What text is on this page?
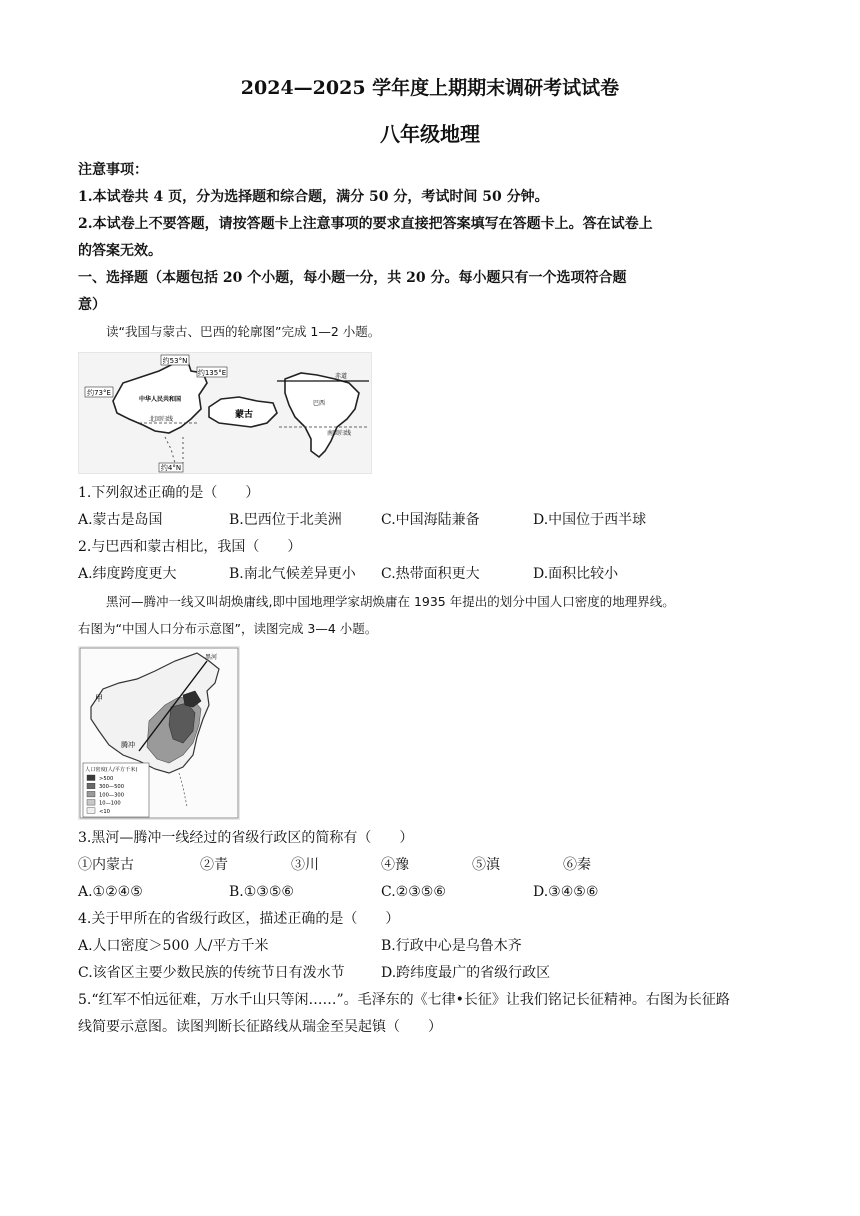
2024—2025 学年度上期期末调研考试试卷
八年级地理
注意事项：
1.本试卷共 4 页，分为选择题和综合题，满分 50 分，考试时间 50 分钟。
2.本试卷上不要答题，请按答题卡上注意事项的要求直接把答案填写在答题卡上。答在试卷上
的答案无效。
一、选择题（本题包括 20 个小题，每小题一分，共 20 分。每小题只有一个选项符合题
意）
读“我国与蒙古、巴西的轮廓图”完成 1—2 小题。
约53°N
约135°E
约73°E
中华人民共和国
北回归线
约4°N
蒙古
赤道
巴西
南回归线
1.下列叙述正确的是（　　）
A.蒙古是岛国	B.巴西位于北美洲	C.中国海陆兼备	D.中国位于西半球
2.与巴西和蒙古相比，我国（　　）
A.纬度跨度更大	B.南北气候差异更小 C.热带面积更大	D.面积比较小
黑河—腾冲一线又叫胡焕庸线,即中国地理学家胡焕庸在 1935 年提出的划分中国人口密度的地理界线。
右图为“中国人口分布示意图”，读图完成 3—4 小题。
黑河
甲
腾冲
人口密度(人/平方千米)
>500
300—500
100—300
10—100
<10
3.黑河—腾冲一线经过的省级行政区的简称有（　　）
①内蒙古	②青	③川	④豫	⑤滇	⑥秦
A.①②④⑤	B.①③⑤⑥	C.②③⑤⑥	D.③④⑤⑥
4.关于甲所在的省级行政区，描述正确的是（　　）
A.人口密度＞500 人/平方千米	B.行政中心是乌鲁木齐
C.该省区主要少数民族的传统节日有泼水节	D.跨纬度最广的省级行政区
5.“红军不怕远征难，万水千山只等闲……”。毛泽东的《七律•长征》让我们铭记长征精神。右图为长征路
线简要示意图。读图判断长征路线从瑞金至吴起镇（　　）
